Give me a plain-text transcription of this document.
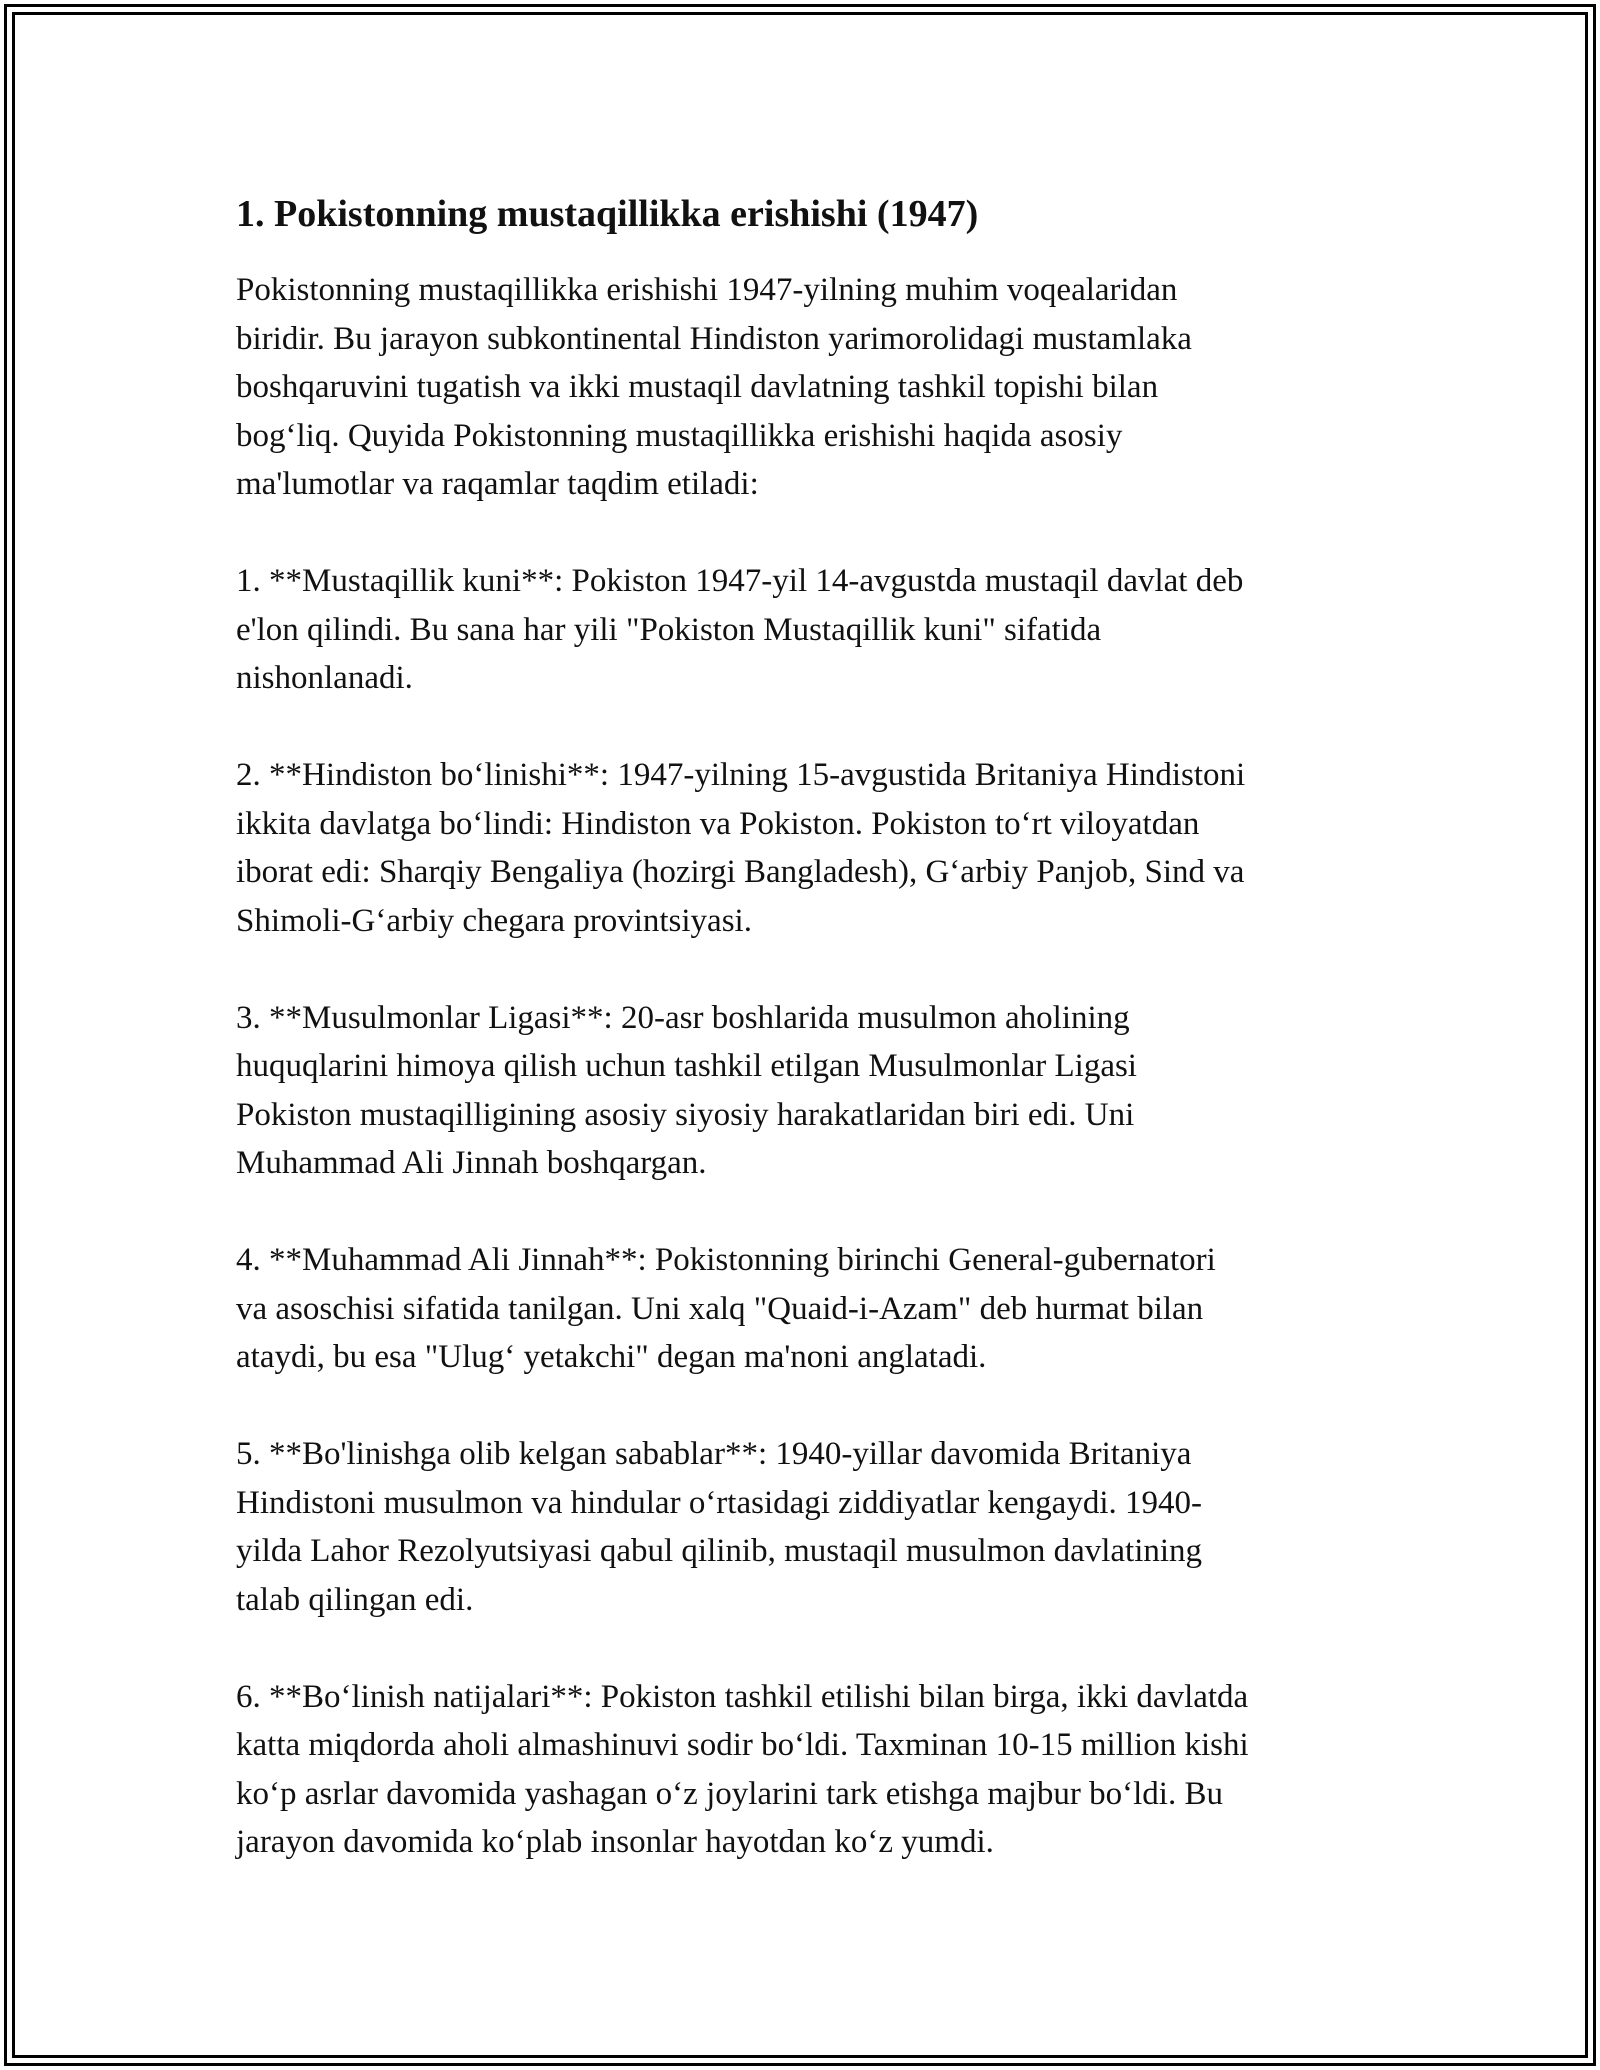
1. Pokistonning mustaqillikka erishishi (1947)

Pokistonning mustaqillikka erishishi 1947-yilning muhim voqealaridan
biridir. Bu jarayon subkontinental Hindiston yarimorolidagi mustamlaka
boshqaruvini tugatish va ikki mustaqil davlatning tashkil topishi bilan
bog‘liq. Quyida Pokistonning mustaqillikka erishishi haqida asosiy
ma'lumotlar va raqamlar taqdim etiladi:

1. **Mustaqillik kuni**: Pokiston 1947-yil 14-avgustda mustaqil davlat deb
e'lon qilindi. Bu sana har yili "Pokiston Mustaqillik kuni" sifatida
nishonlanadi.

2. **Hindiston bo‘linishi**: 1947-yilning 15-avgustida Britaniya Hindistoni
ikkita davlatga bo‘lindi: Hindiston va Pokiston. Pokiston to‘rt viloyatdan
iborat edi: Sharqiy Bengaliya (hozirgi Bangladesh), G‘arbiy Panjob, Sind va
Shimoli-G‘arbiy chegara provintsiyasi.

3. **Musulmonlar Ligasi**: 20-asr boshlarida musulmon aholining
huquqlarini himoya qilish uchun tashkil etilgan Musulmonlar Ligasi
Pokiston mustaqilligining asosiy siyosiy harakatlaridan biri edi. Uni
Muhammad Ali Jinnah boshqargan.

4. **Muhammad Ali Jinnah**: Pokistonning birinchi General-gubernatori
va asoschisi sifatida tanilgan. Uni xalq "Quaid-i-Azam" deb hurmat bilan
ataydi, bu esa "Ulug‘ yetakchi" degan ma'noni anglatadi.

5. **Bo'linishga olib kelgan sabablar**: 1940-yillar davomida Britaniya
Hindistoni musulmon va hindular o‘rtasidagi ziddiyatlar kengaydi. 1940-
yilda Lahor Rezolyutsiyasi qabul qilinib, mustaqil musulmon davlatining
talab qilingan edi.

6. **Bo‘linish natijalari**: Pokiston tashkil etilishi bilan birga, ikki davlatda
katta miqdorda aholi almashinuvi sodir bo‘ldi. Taxminan 10-15 million kishi
ko‘p asrlar davomida yashagan o‘z joylarini tark etishga majbur bo‘ldi. Bu
jarayon davomida ko‘plab insonlar hayotdan ko‘z yumdi.
